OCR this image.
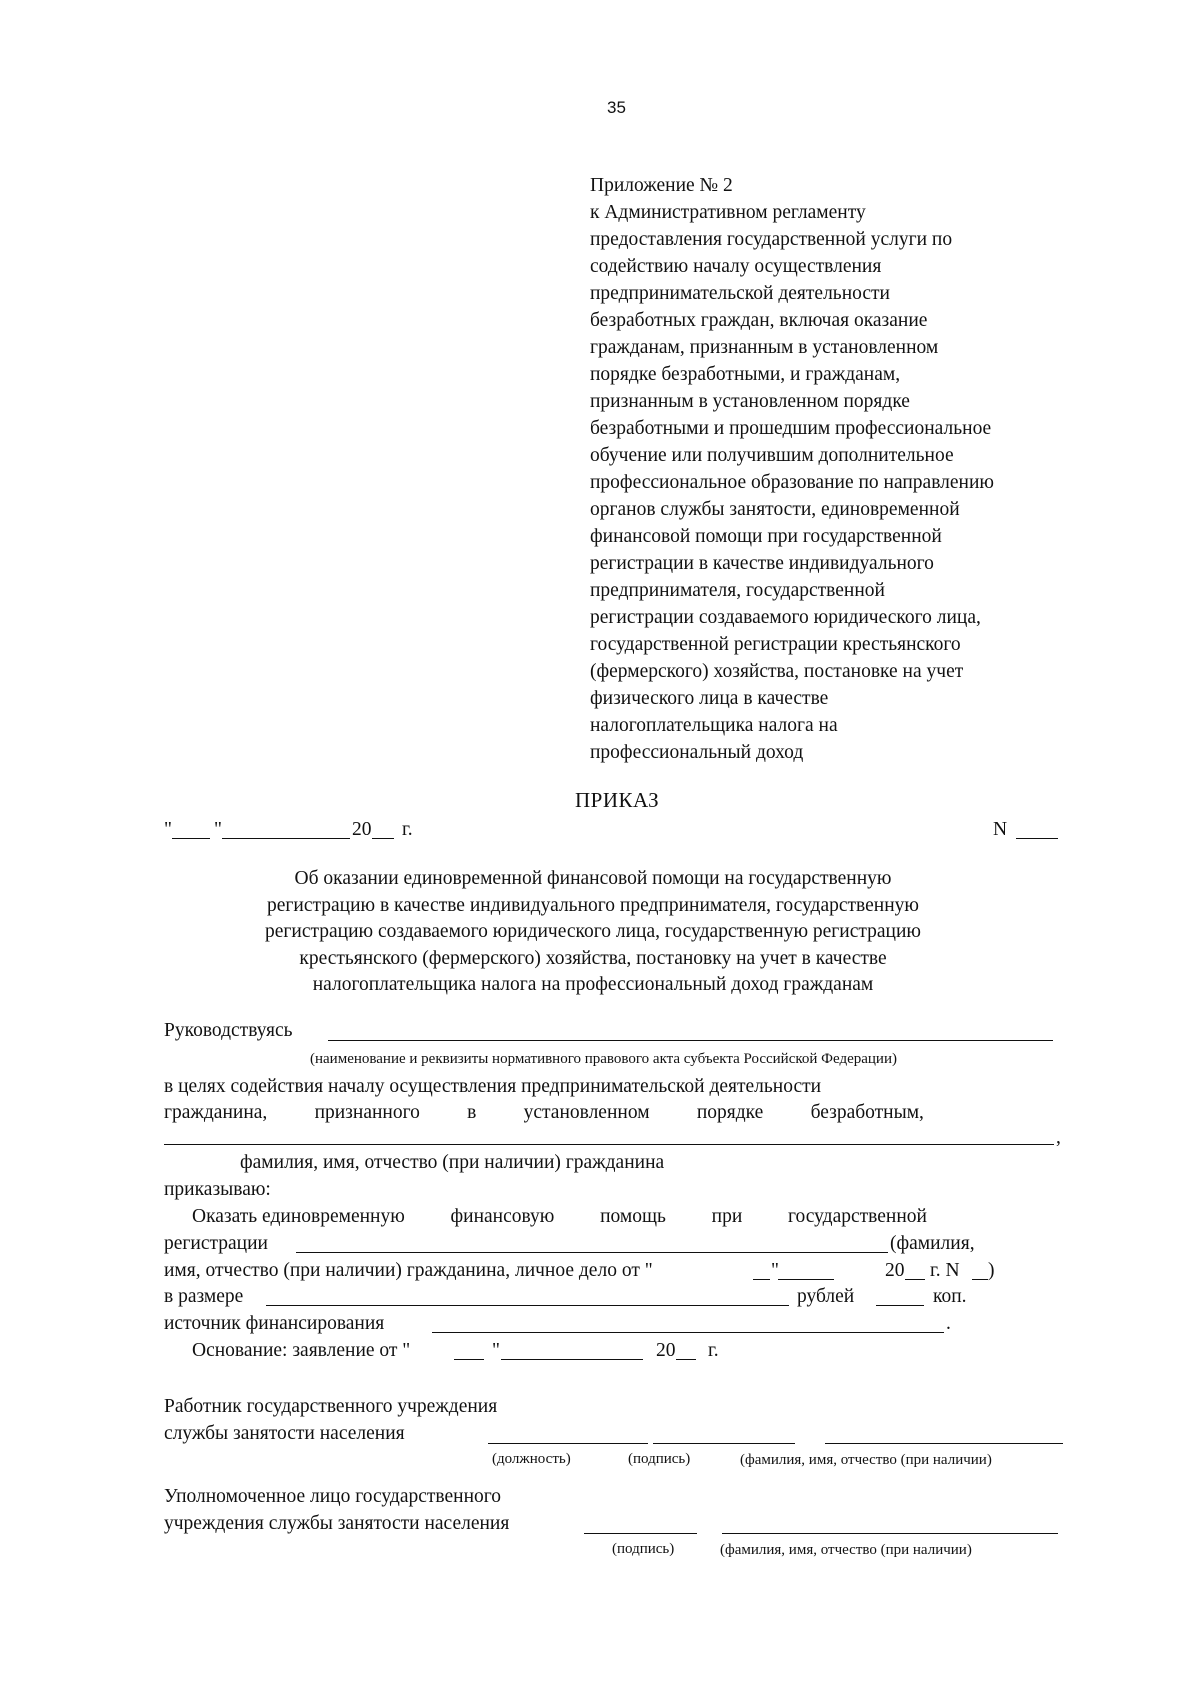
35
Приложение № 2
к Административном регламенту
предоставления государственной услуги по
содействию началу осуществления
предпринимательской деятельности
безработных граждан, включая оказание
гражданам, признанным в установленном
порядке безработными, и гражданам,
признанным в установленном порядке
безработными и прошедшим профессиональное
обучение или получившим дополнительное
профессиональное образование по направлению
органов службы занятости, единовременной
финансовой помощи при государственной
регистрации в качестве индивидуального
предпринимателя, государственной
регистрации создаваемого юридического лица,
государственной регистрации крестьянского
(фермерского) хозяйства, постановке на учет
физического лица в качестве
налогоплательщика налога на
профессиональный доход
ПРИКАЗ
" "	20 г.	N
Об оказании единовременной финансовой помощи на государственную
регистрацию в качестве индивидуального предпринимателя, государственную
регистрацию создаваемого юридического лица, государственную регистрацию
крестьянского (фермерского) хозяйства, постановку на учет в качестве
налогоплательщика налога на профессиональный доход гражданам
Руководствуясь
(наименование и реквизиты нормативного правового акта субъекта Российской Федерации)
в целях содействия началу осуществления предпринимательской деятельности
гражданина, признанного в установленном порядке безработным,
,
фамилия, имя, отчество (при наличии) гражданина
приказываю:
Оказать единовременную финансовую помощь при государственной
регистрации	(фамилия,
имя, отчество (при наличии) гражданина, личное дело от "	"	20 г. N )
в размере	рублей	коп.
источник финансирования	.
Основание: заявление от "	"	20 г.
Работник государственного учреждения
службы занятости населения
(должность)	(подпись)	(фамилия, имя, отчество (при наличии)
Уполномоченное лицо государственного
учреждения службы занятости населения
(подпись)	(фамилия, имя, отчество (при наличии)
